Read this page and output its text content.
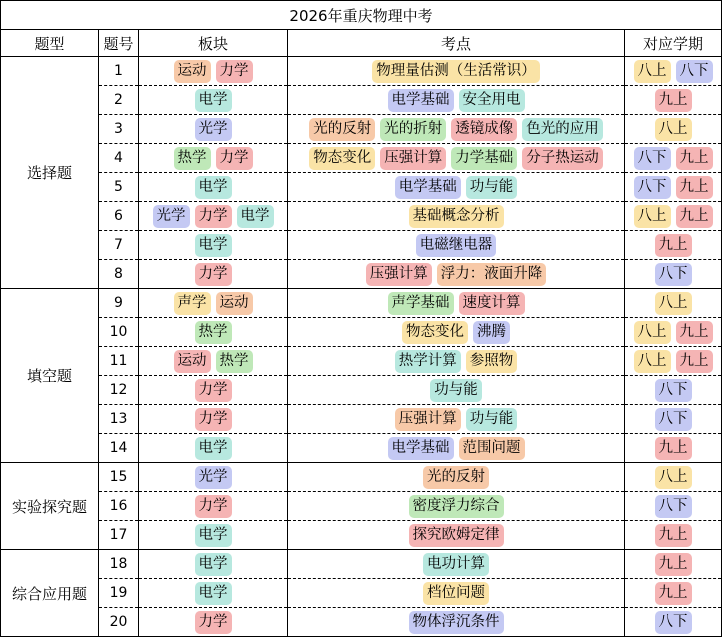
2026年重庆物理中考				
题型	题号	板块	考点	对应学期
选择题	1	运动 力学	物理量估测（生活常识）	八上 八下

	2	电学	电学基础 安全用电	九上

	3	光学	光的反射 光的折射 透镜成像 色光的应用	八上

	4	热学 力学	物态变化 压强计算 力学基础 分子热运动	八下 九上

	5	电学	电学基础 功与能	八下 九上

	6	光学 力学 电学	基础概念分析	八上 九上

	7	电学	电磁继电器	九上

	8	力学	压强计算 浮力：液面升降	八下

填空题	9	声学 运动	声学基础 速度计算	八上

	10	热学	物态变化 沸腾	八上 九上

	11	运动 热学	热学计算 参照物	八上 九上

	12	力学	功与能	八下

	13	力学	压强计算 功与能	八下

	14	电学	电学基础 范围问题	九上

实验探究题	15	光学	光的反射	八上

	16	力学	密度浮力综合	八下

	17	电学	探究欧姆定律	九上

综合应用题	18	电学	电功计算	九上

	19	电学	档位问题	九上

	20	力学	物体浮沉条件	八下
